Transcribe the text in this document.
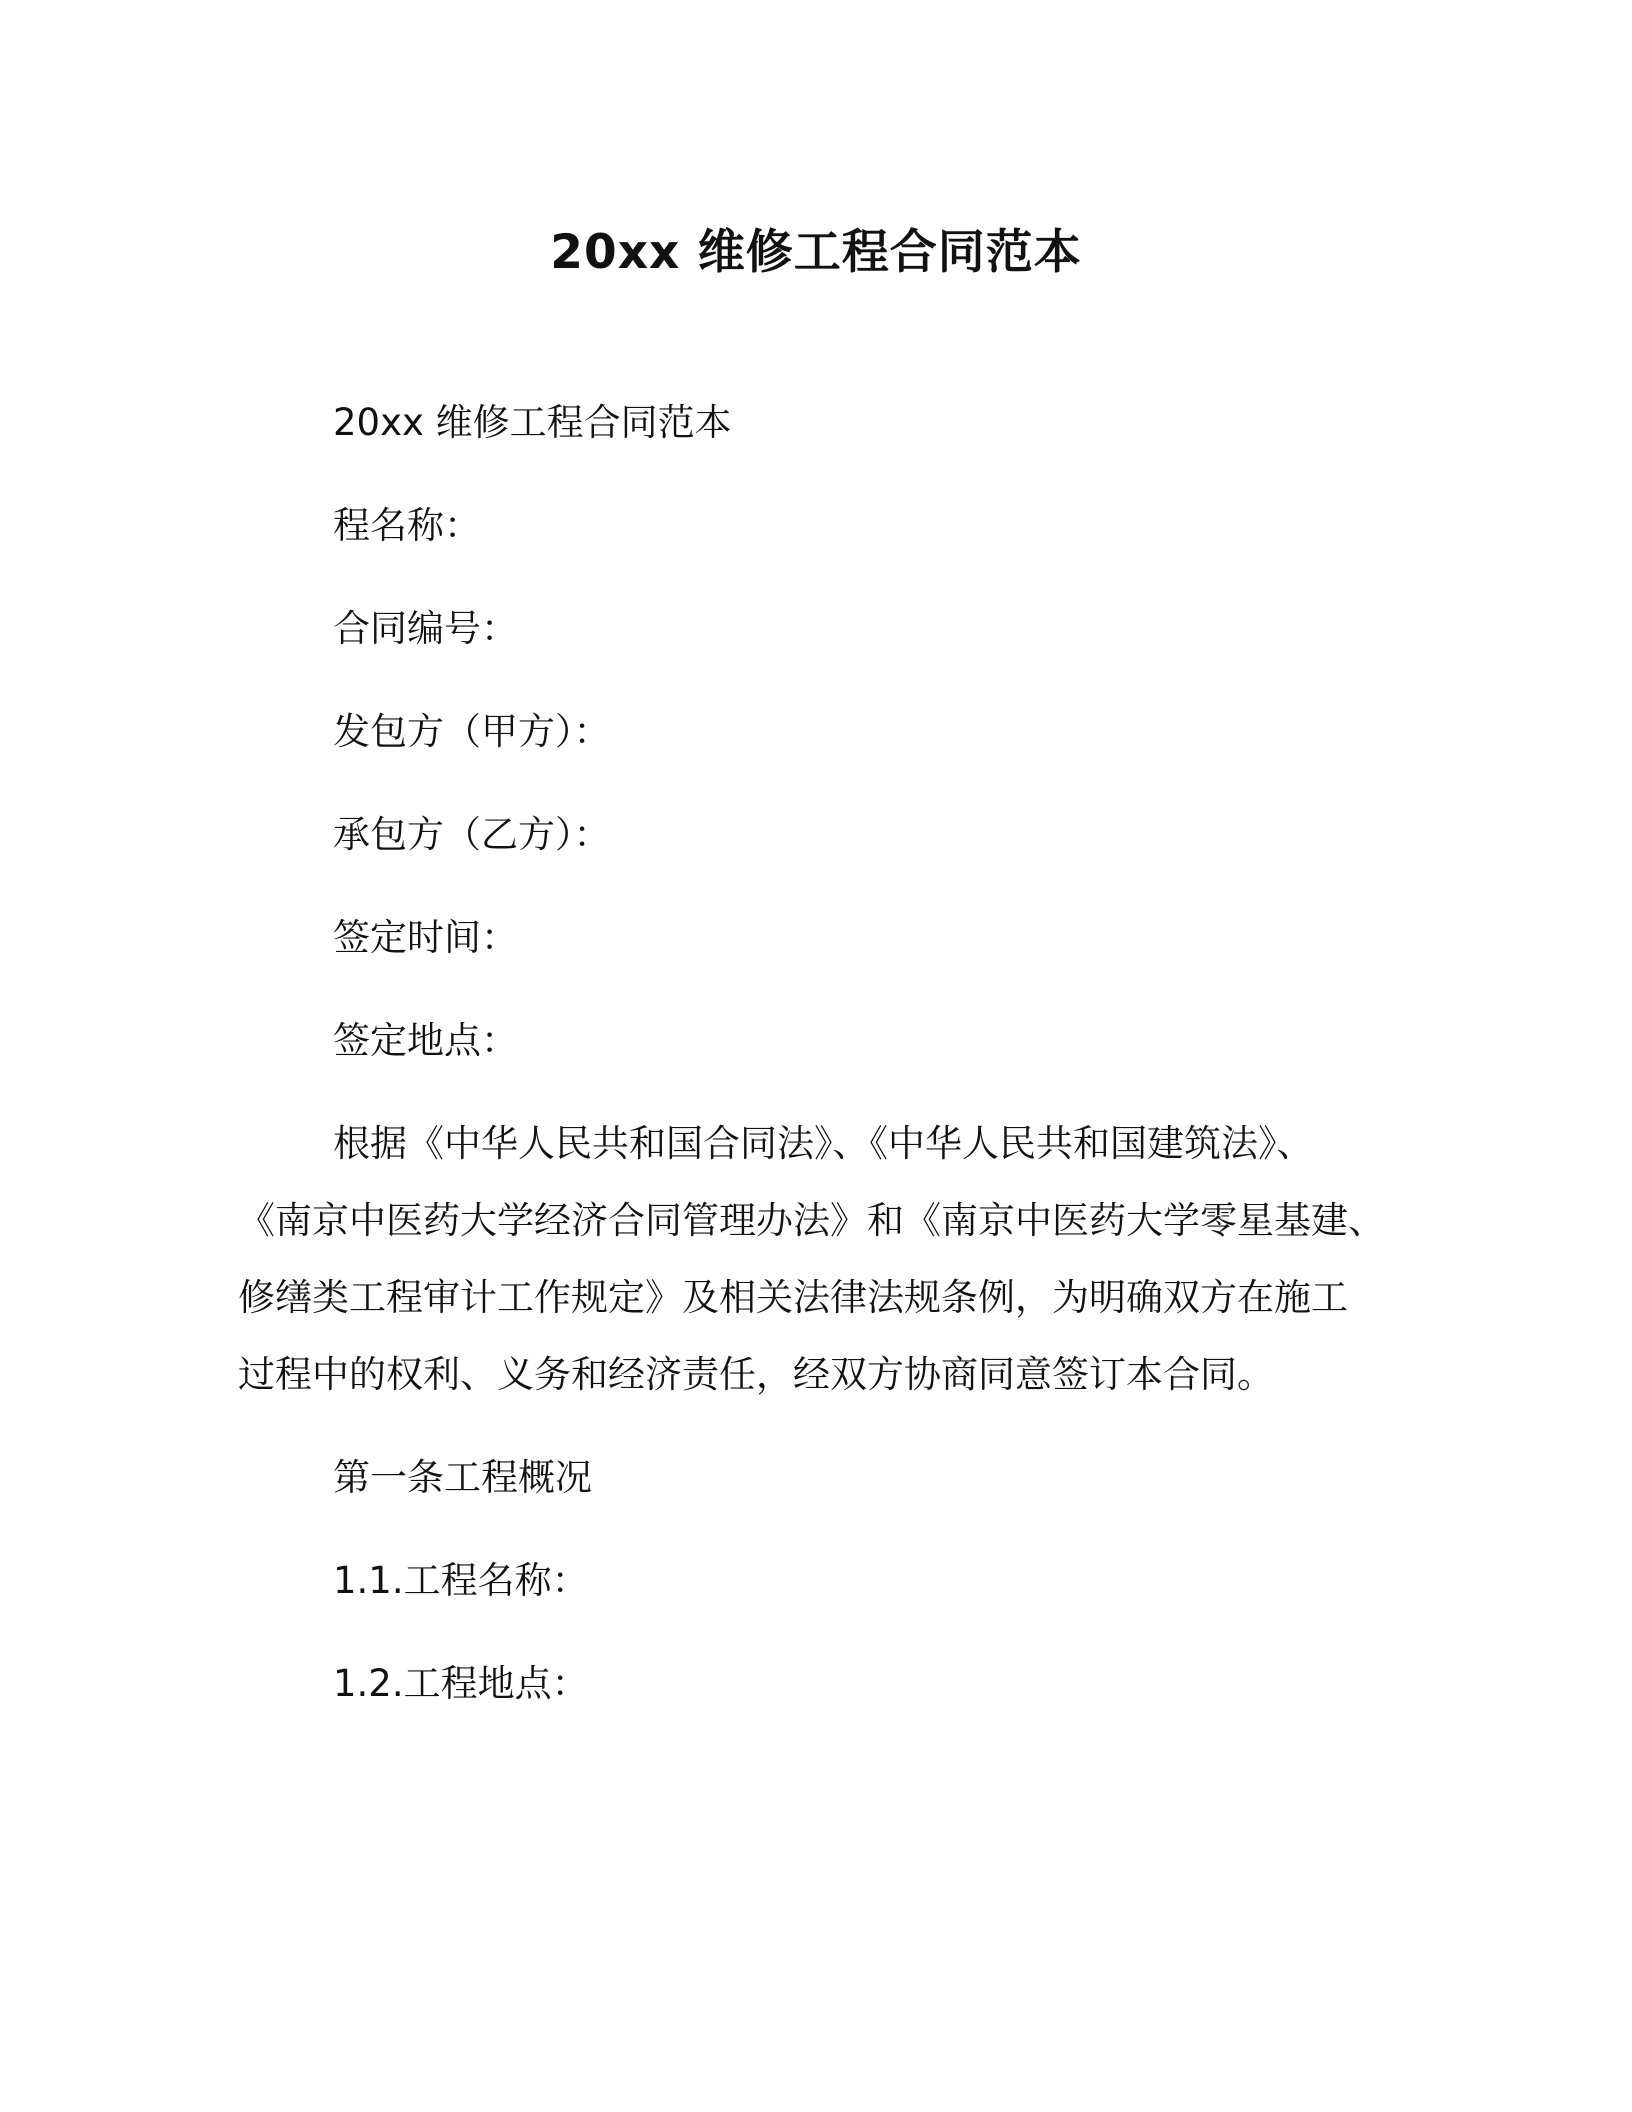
20xx 维修工程合同范本
20xx 维修工程合同范本
程名称：
合同编号：
发包方（甲方）：
承包方（乙方）：
签定时间：
签定地点：
根据《中华人民共和国合同法》、《中华人民共和国建筑法》、
《南京中医药大学经济合同管理办法》和《南京中医药大学零星基建、
修缮类工程审计工作规定》及相关法律法规条例，为明确双方在施工
过程中的权利、义务和经济责任，经双方协商同意签订本合同。
第一条工程概况
1.1.工程名称：
1.2.工程地点：
